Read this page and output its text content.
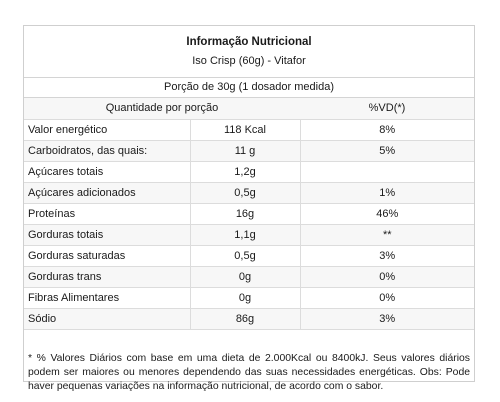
Informação Nutricional
Iso Crisp (60g) - Vitafor
Porção de 30g (1 dosador medida)
Quantidade por porção		%VD(*)
Valor energético	118 Kcal	8%
Carboidratos, das quais:	11 g	5%
Açúcares totais	1,2g	
Açúcares adicionados	0,5g	1%
Proteínas	16g	46%
Gorduras totais	1,1g	**
Gorduras saturadas	0,5g	3%
Gorduras trans	0g	0%
Fibras Alimentares	0g	0%
Sódio	86g	3%
* % Valores Diários com base em uma dieta de 2.000Kcal ou 8400kJ. Seus valores diários podem ser maiores ou menores dependendo das suas necessidades energéticas. Obs: Pode haver pequenas variações na informação nutricional, de acordo com o sabor.
